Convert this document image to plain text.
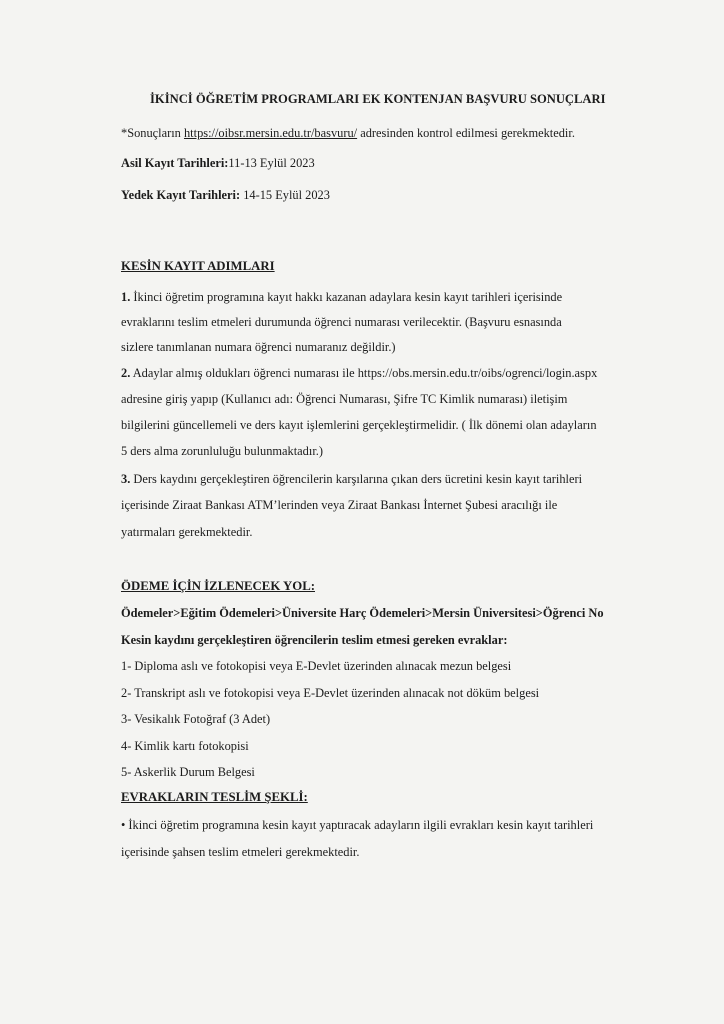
İKİNCİ ÖĞRETİM PROGRAMLARI EK KONTENJAN BAŞVURU SONUÇLARI
*Sonuçların https://oibsr.mersin.edu.tr/basvuru/ adresinden kontrol edilmesi gerekmektedir.
Asil Kayıt Tarihleri:11-13 Eylül 2023
Yedek Kayıt Tarihleri: 14-15 Eylül 2023
KESİN KAYIT ADIMLARI
1. İkinci öğretim programına kayıt hakkı kazanan adaylara kesin kayıt tarihleri içerisinde
evraklarını teslim etmeleri durumunda öğrenci numarası verilecektir. (Başvuru esnasında
sizlere tanımlanan numara öğrenci numaranız değildir.)
2. Adaylar almış oldukları öğrenci numarası ile https://obs.mersin.edu.tr/oibs/ogrenci/login.aspx
adresine giriş yapıp (Kullanıcı adı: Öğrenci Numarası, Şifre TC Kimlik numarası) iletişim
bilgilerini güncellemeli ve ders kayıt işlemlerini gerçekleştirmelidir. ( İlk dönemi olan adayların
5 ders alma zorunluluğu bulunmaktadır.)
3. Ders kaydını gerçekleştiren öğrencilerin karşılarına çıkan ders ücretini kesin kayıt tarihleri
içerisinde Ziraat Bankası ATM’lerinden veya Ziraat Bankası İnternet Şubesi aracılığı ile
yatırmaları gerekmektedir.
ÖDEME İÇİN İZLENECEK YOL:
Ödemeler>Eğitim Ödemeleri>Üniversite Harç Ödemeleri>Mersin Üniversitesi>Öğrenci No
Kesin kaydını gerçekleştiren öğrencilerin teslim etmesi gereken evraklar:
1- Diploma aslı ve fotokopisi veya E-Devlet üzerinden alınacak mezun belgesi
2- Transkript aslı ve fotokopisi veya E-Devlet üzerinden alınacak not döküm belgesi
3- Vesikalık Fotoğraf (3 Adet)
4- Kimlik kartı fotokopisi
5- Askerlik Durum Belgesi
EVRAKLARIN TESLİM ŞEKLİ:
• İkinci öğretim programına kesin kayıt yaptıracak adayların ilgili evrakları kesin kayıt tarihleri
içerisinde şahsen teslim etmeleri gerekmektedir.
